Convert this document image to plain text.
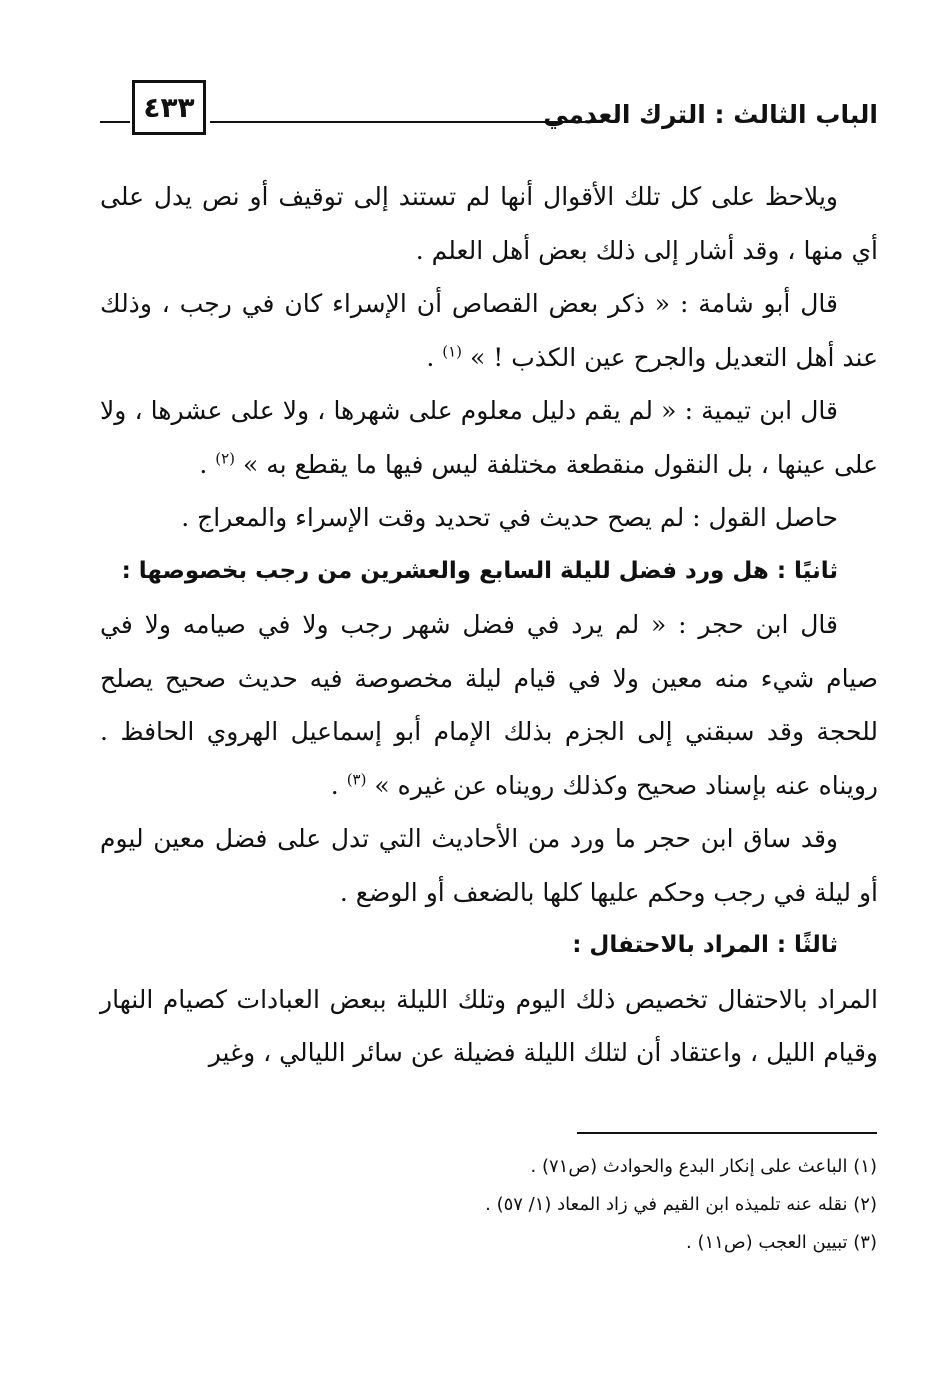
٤٣٣	الباب الثالث : الترك العدمي

ويلاحظ على كل تلك الأقوال أنها لم تستند إلى توقيف أو نص يدل على أي منها ، وقد أشار إلى ذلك بعض أهل العلم .

قال أبو شامة : « ذكر بعض القصاص أن الإسراء كان في رجب ، وذلك عند أهل التعديل والجرح عين الكذب ! » $^{(١)}$ .

قال ابن تيمية : « لم يقم دليل معلوم على شهرها ، ولا على عشرها ، ولا على عينها ، بل النقول منقطعة مختلفة ليس فيها ما يقطع به » $^{(٢)}$ .

حاصل القول : لم يصح حديث في تحديد وقت الإسراء والمعراج .

ثانيًا : هل ورد فضل لليلة السابع والعشرين من رجب بخصوصها :

قال ابن حجر : « لم يرد في فضل شهر رجب ولا في صيامه ولا في صيام شيء منه معين ولا في قيام ليلة مخصوصة فيه حديث صحيح يصلح للحجة وقد سبقني إلى الجزم بذلك الإمام أبو إسماعيل الهروي الحافظ . رويناه عنه بإسناد صحيح وكذلك رويناه عن غيره » $^{(٣)}$ .

وقد ساق ابن حجر ما ورد من الأحاديث التي تدل على فضل معين ليوم أو ليلة في رجب وحكم عليها كلها بالضعف أو الوضع .

ثالثًا : المراد بالاحتفال :

المراد بالاحتفال تخصيص ذلك اليوم وتلك الليلة ببعض العبادات كصيام النهار وقيام الليل ، واعتقاد أن لتلك الليلة فضيلة عن سائر الليالي ، وغير

(١) الباعث على إنكار البدع والحوادث (ص٧١) .
(٢) نقله عنه تلميذه ابن القيم في زاد المعاد (١/ ٥٧) .
(٣) تبيين العجب (ص١١) .
